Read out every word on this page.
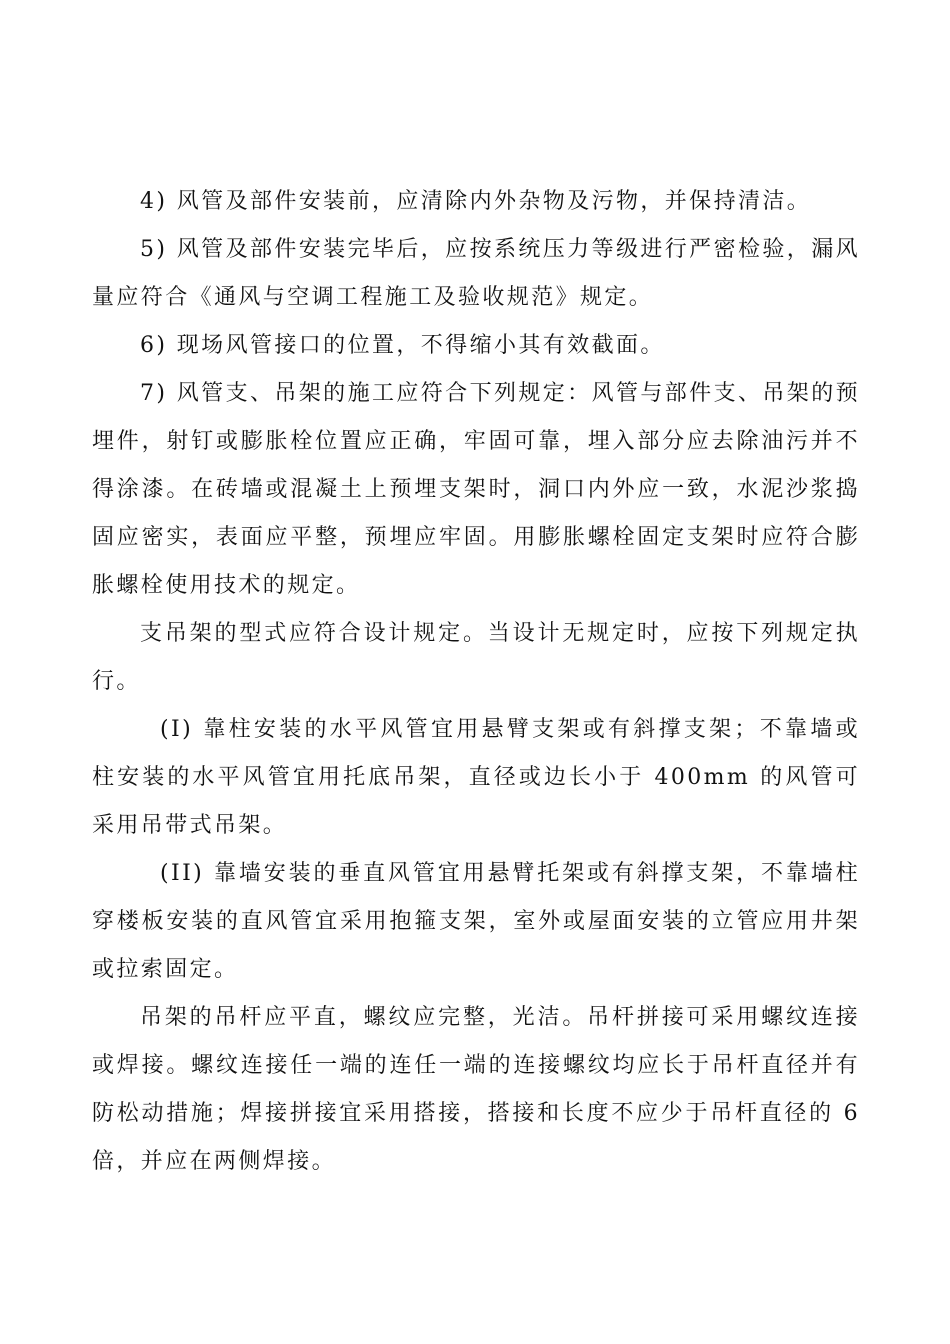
4) 风管及部件安装前，应清除内外杂物及污物，并保持清洁。

5) 风管及部件安装完毕后，应按系统压力等级进行严密检验，漏风量应符合《通风与空调工程施工及验收规范》规定。

6) 现场风管接口的位置，不得缩小其有效截面。

7) 风管支、吊架的施工应符合下列规定：风管与部件支、吊架的预埋件，射钉或膨胀栓位置应正确，牢固可靠，埋入部分应去除油污并不得涂漆。在砖墙或混凝土上预埋支架时，洞口内外应一致，水泥沙浆捣固应密实，表面应平整，预埋应牢固。用膨胀螺栓固定支架时应符合膨胀螺栓使用技术的规定。

支吊架的型式应符合设计规定。当设计无规定时，应按下列规定执行。

(I) 靠柱安装的水平风管宜用悬臂支架或有斜撑支架；不靠墙或柱安装的水平风管宜用托底吊架，直径或边长小于 400mm 的风管可采用吊带式吊架。

(II) 靠墙安装的垂直风管宜用悬臂托架或有斜撑支架，不靠墙柱穿楼板安装的直风管宜采用抱箍支架，室外或屋面安装的立管应用井架或拉索固定。

吊架的吊杆应平直，螺纹应完整，光洁。吊杆拼接可采用螺纹连接或焊接。螺纹连接任一端的连任一端的连接螺纹均应长于吊杆直径并有防松动措施；焊接拼接宜采用搭接，搭接和长度不应少于吊杆直径的 6 倍，并应在两侧焊接。
